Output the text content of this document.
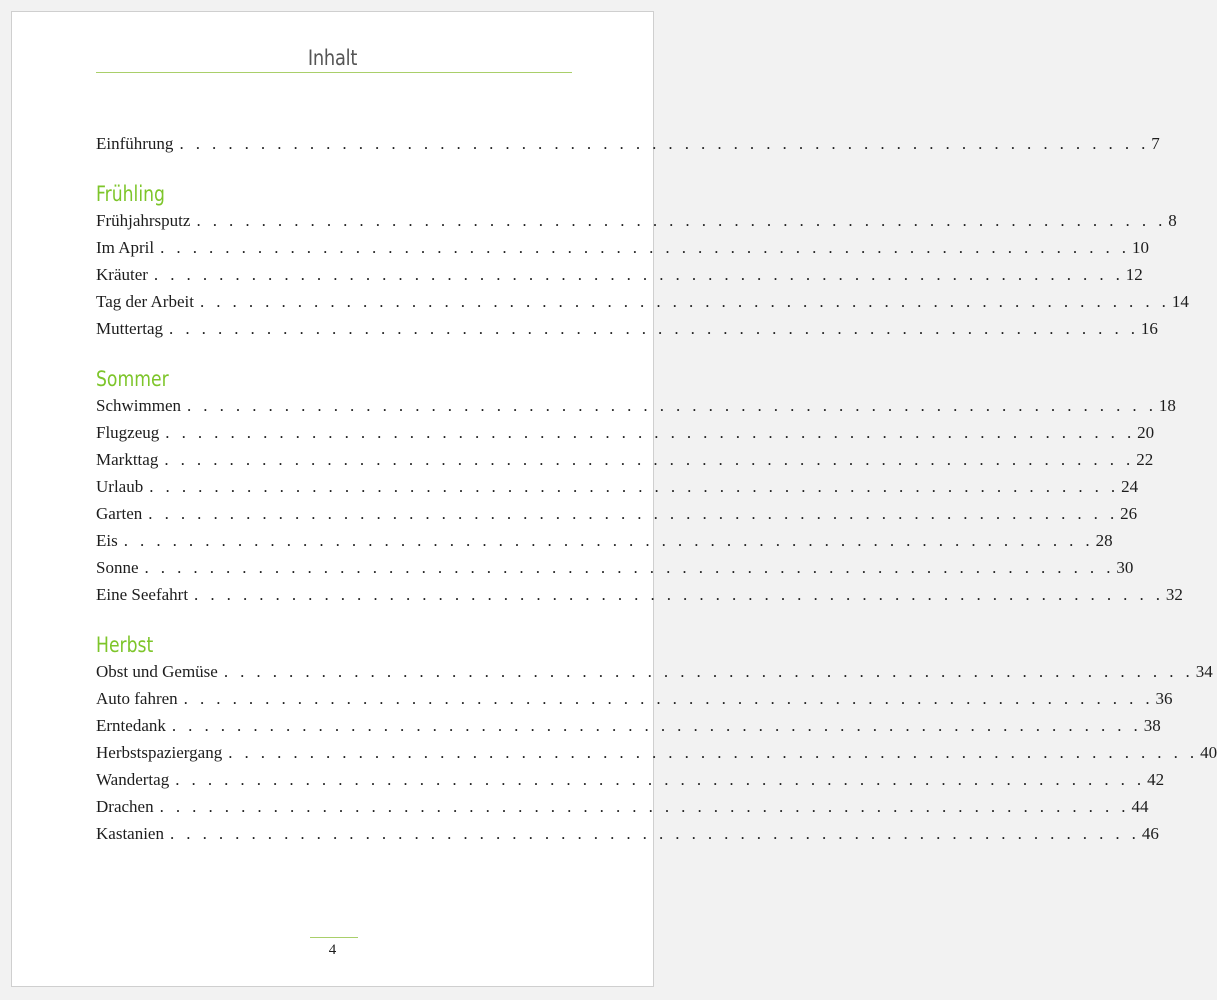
Inhalt
Einführung . . . . . . . . . . . . . . . . . . . . . . . . . . . . . . . . . . . . . . . . . . . . . . . . . . . . . . . . . . . . 7
Frühling
Frühjahrsputz . . . . . . . . . . . . . . . . . . . . . . . . . . . . . . . . . . . . . . . . . . . . . . . . . . . . . . . . . . . . 8
Im April . . . . . . . . . . . . . . . . . . . . . . . . . . . . . . . . . . . . . . . . . . . . . . . . . . . . . . . . . . . . 10
Kräuter . . . . . . . . . . . . . . . . . . . . . . . . . . . . . . . . . . . . . . . . . . . . . . . . . . . . . . . . . . . . 12
Tag der Arbeit . . . . . . . . . . . . . . . . . . . . . . . . . . . . . . . . . . . . . . . . . . . . . . . . . . . . . . . . . . . . 14
Muttertag . . . . . . . . . . . . . . . . . . . . . . . . . . . . . . . . . . . . . . . . . . . . . . . . . . . . . . . . . . . . 16
Sommer
Schwimmen . . . . . . . . . . . . . . . . . . . . . . . . . . . . . . . . . . . . . . . . . . . . . . . . . . . . . . . . . . . . 18
Flugzeug . . . . . . . . . . . . . . . . . . . . . . . . . . . . . . . . . . . . . . . . . . . . . . . . . . . . . . . . . . . . 20
Markttag . . . . . . . . . . . . . . . . . . . . . . . . . . . . . . . . . . . . . . . . . . . . . . . . . . . . . . . . . . . . 22
Urlaub . . . . . . . . . . . . . . . . . . . . . . . . . . . . . . . . . . . . . . . . . . . . . . . . . . . . . . . . . . . . 24
Garten . . . . . . . . . . . . . . . . . . . . . . . . . . . . . . . . . . . . . . . . . . . . . . . . . . . . . . . . . . . . 26
Eis . . . . . . . . . . . . . . . . . . . . . . . . . . . . . . . . . . . . . . . . . . . . . . . . . . . . . . . . . . . . 28
Sonne . . . . . . . . . . . . . . . . . . . . . . . . . . . . . . . . . . . . . . . . . . . . . . . . . . . . . . . . . . . . 30
Eine Seefahrt . . . . . . . . . . . . . . . . . . . . . . . . . . . . . . . . . . . . . . . . . . . . . . . . . . . . . . . . . . . . 32
Herbst
Obst und Gemüse . . . . . . . . . . . . . . . . . . . . . . . . . . . . . . . . . . . . . . . . . . . . . . . . . . . . . . . . . . . . 34
Auto fahren . . . . . . . . . . . . . . . . . . . . . . . . . . . . . . . . . . . . . . . . . . . . . . . . . . . . . . . . . . . . 36
Erntedank . . . . . . . . . . . . . . . . . . . . . . . . . . . . . . . . . . . . . . . . . . . . . . . . . . . . . . . . . . . . 38
Herbstspaziergang . . . . . . . . . . . . . . . . . . . . . . . . . . . . . . . . . . . . . . . . . . . . . . . . . . . . . . . . . . . . 40
Wandertag . . . . . . . . . . . . . . . . . . . . . . . . . . . . . . . . . . . . . . . . . . . . . . . . . . . . . . . . . . . . 42
Drachen . . . . . . . . . . . . . . . . . . . . . . . . . . . . . . . . . . . . . . . . . . . . . . . . . . . . . . . . . . . . 44
Kastanien . . . . . . . . . . . . . . . . . . . . . . . . . . . . . . . . . . . . . . . . . . . . . . . . . . . . . . . . . . . . 46
4
